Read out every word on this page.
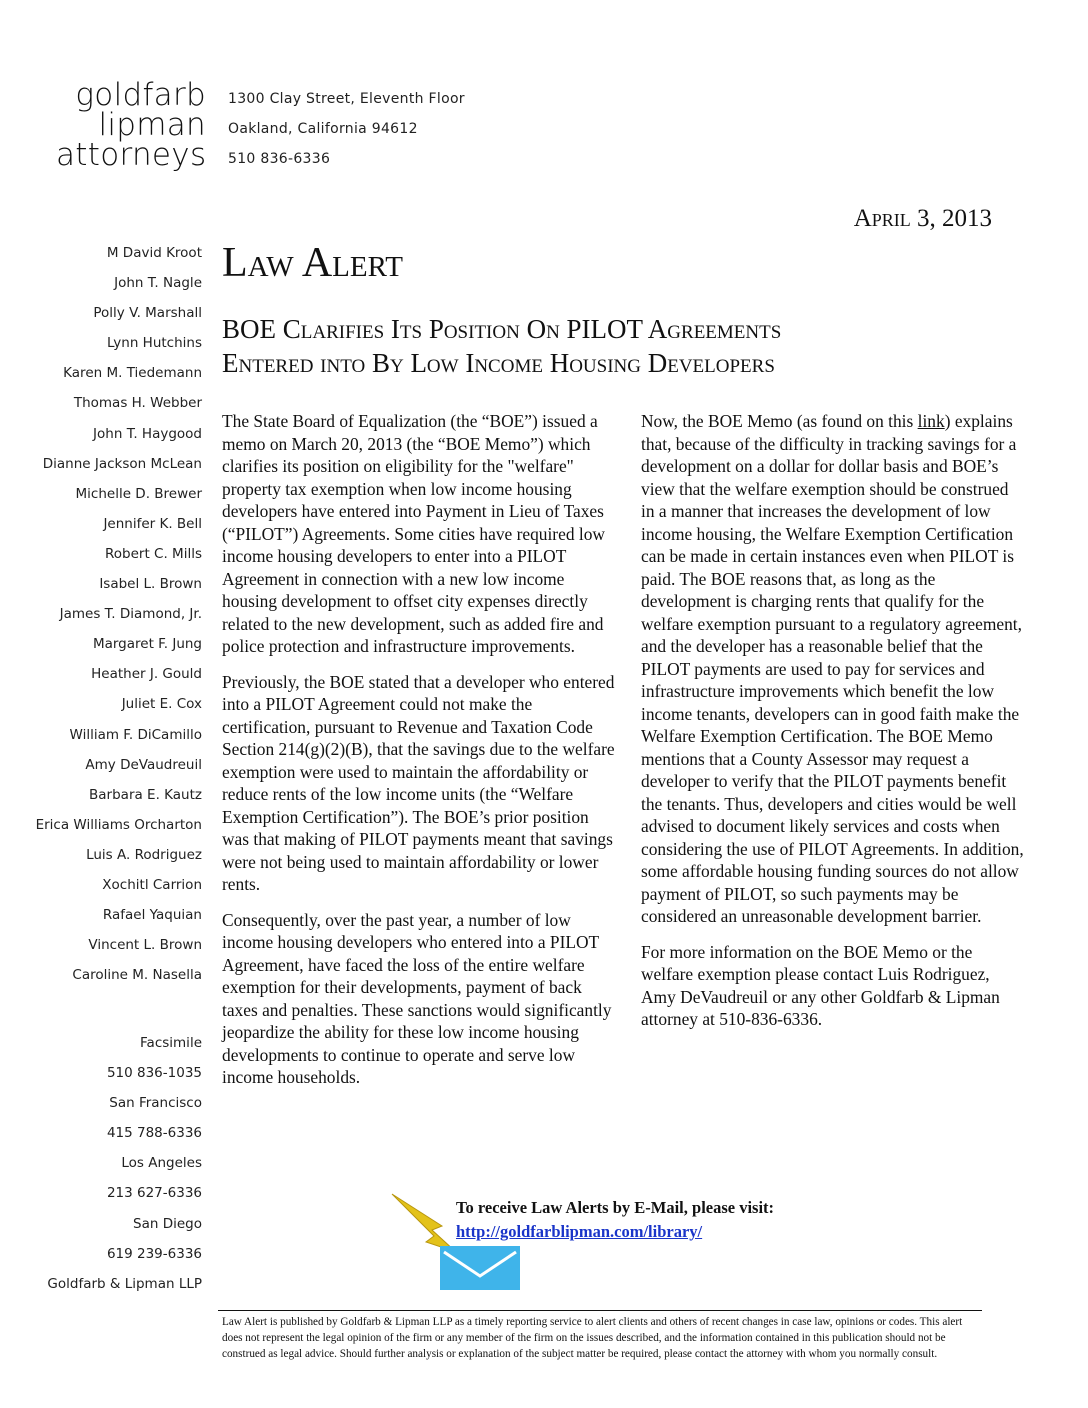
goldfarb
lipman
attorneys
1300 Clay Street, Eleventh Floor
Oakland, California 94612
510 836-6336
April 3, 2013
M David Kroot
John T. Nagle
Polly V. Marshall
Lynn Hutchins
Karen M. Tiedemann
Thomas H. Webber
John T. Haygood
Dianne Jackson McLean
Michelle D. Brewer
Jennifer K. Bell
Robert C. Mills
Isabel L. Brown
James T. Diamond, Jr.
Margaret F. Jung
Heather J. Gould
Juliet E. Cox
William F. DiCamillo
Amy DeVaudreuil
Barbara E. Kautz
Erica Williams Orcharton
Luis A. Rodriguez
Xochitl Carrion
Rafael Yaquian
Vincent L. Brown
Caroline M. Nasella
Facsimile
510 836-1035
San Francisco
415 788-6336
Los Angeles
213 627-6336
San Diego
619 239-6336
Goldfarb & Lipman LLP
Law Alert
BOE Clarifies Its Position On PILOT Agreements
Entered into By Low Income Housing Developers

The State Board of Equalization (the “BOE”) issued a memo on March 20, 2013 (the “BOE Memo”) which clarifies its position on eligibility for the "welfare" property tax exemption when low income housing developers have entered into Payment in Lieu of Taxes (“PILOT”) Agreements. Some cities have required low income housing developers to enter into a PILOT Agreement in connection with a new low income housing development to offset city expenses directly related to the new development, such as added fire and police protection and infrastructure improvements.

Previously, the BOE stated that a developer who entered into a PILOT Agreement could not make the certification, pursuant to Revenue and Taxation Code Section 214(g)(2)(B), that the savings due to the welfare exemption were used to maintain the affordability or reduce rents of the low income units (the “Welfare Exemption Certification”). The BOE’s prior position was that making of PILOT payments meant that savings were not being used to maintain affordability or lower rents.

Consequently, over the past year, a number of low income housing developers who entered into a PILOT Agreement, have faced the loss of the entire welfare exemption for their developments, payment of back taxes and penalties. These sanctions would significantly jeopardize the ability for these low income housing developments to continue to operate and serve low income households.

Now, the BOE Memo (as found on this link) explains that, because of the difficulty in tracking savings for a development on a dollar for dollar basis and BOE’s view that the welfare exemption should be construed in a manner that increases the development of low income housing, the Welfare Exemption Certification can be made in certain instances even when PILOT is paid. The BOE reasons that, as long as the development is charging rents that qualify for the welfare exemption pursuant to a regulatory agreement, and the developer has a reasonable belief that the PILOT payments are used to pay for services and infrastructure improvements which benefit the low income tenants, developers can in good faith make the Welfare Exemption Certification. The BOE Memo mentions that a County Assessor may request a developer to verify that the PILOT payments benefit the tenants. Thus, developers and cities would be well advised to document likely services and costs when considering the use of PILOT Agreements. In addition, some affordable housing funding sources do not allow payment of PILOT, so such payments may be considered an unreasonable development barrier.

For more information on the BOE Memo or the welfare exemption please contact Luis Rodriguez, Amy DeVaudreuil or any other Goldfarb & Lipman attorney at 510-836-6336.

To receive Law Alerts by E-Mail, please visit:
http://goldfarblipman.com/library/
Law Alert is published by Goldfarb & Lipman LLP as a timely reporting service to alert clients and others of recent changes in case law, opinions or codes. This alert does not represent the legal opinion of the firm or any member of the firm on the issues described, and the information contained in this publication should not be construed as legal advice. Should further analysis or explanation of the subject matter be required, please contact the attorney with whom you normally consult.
